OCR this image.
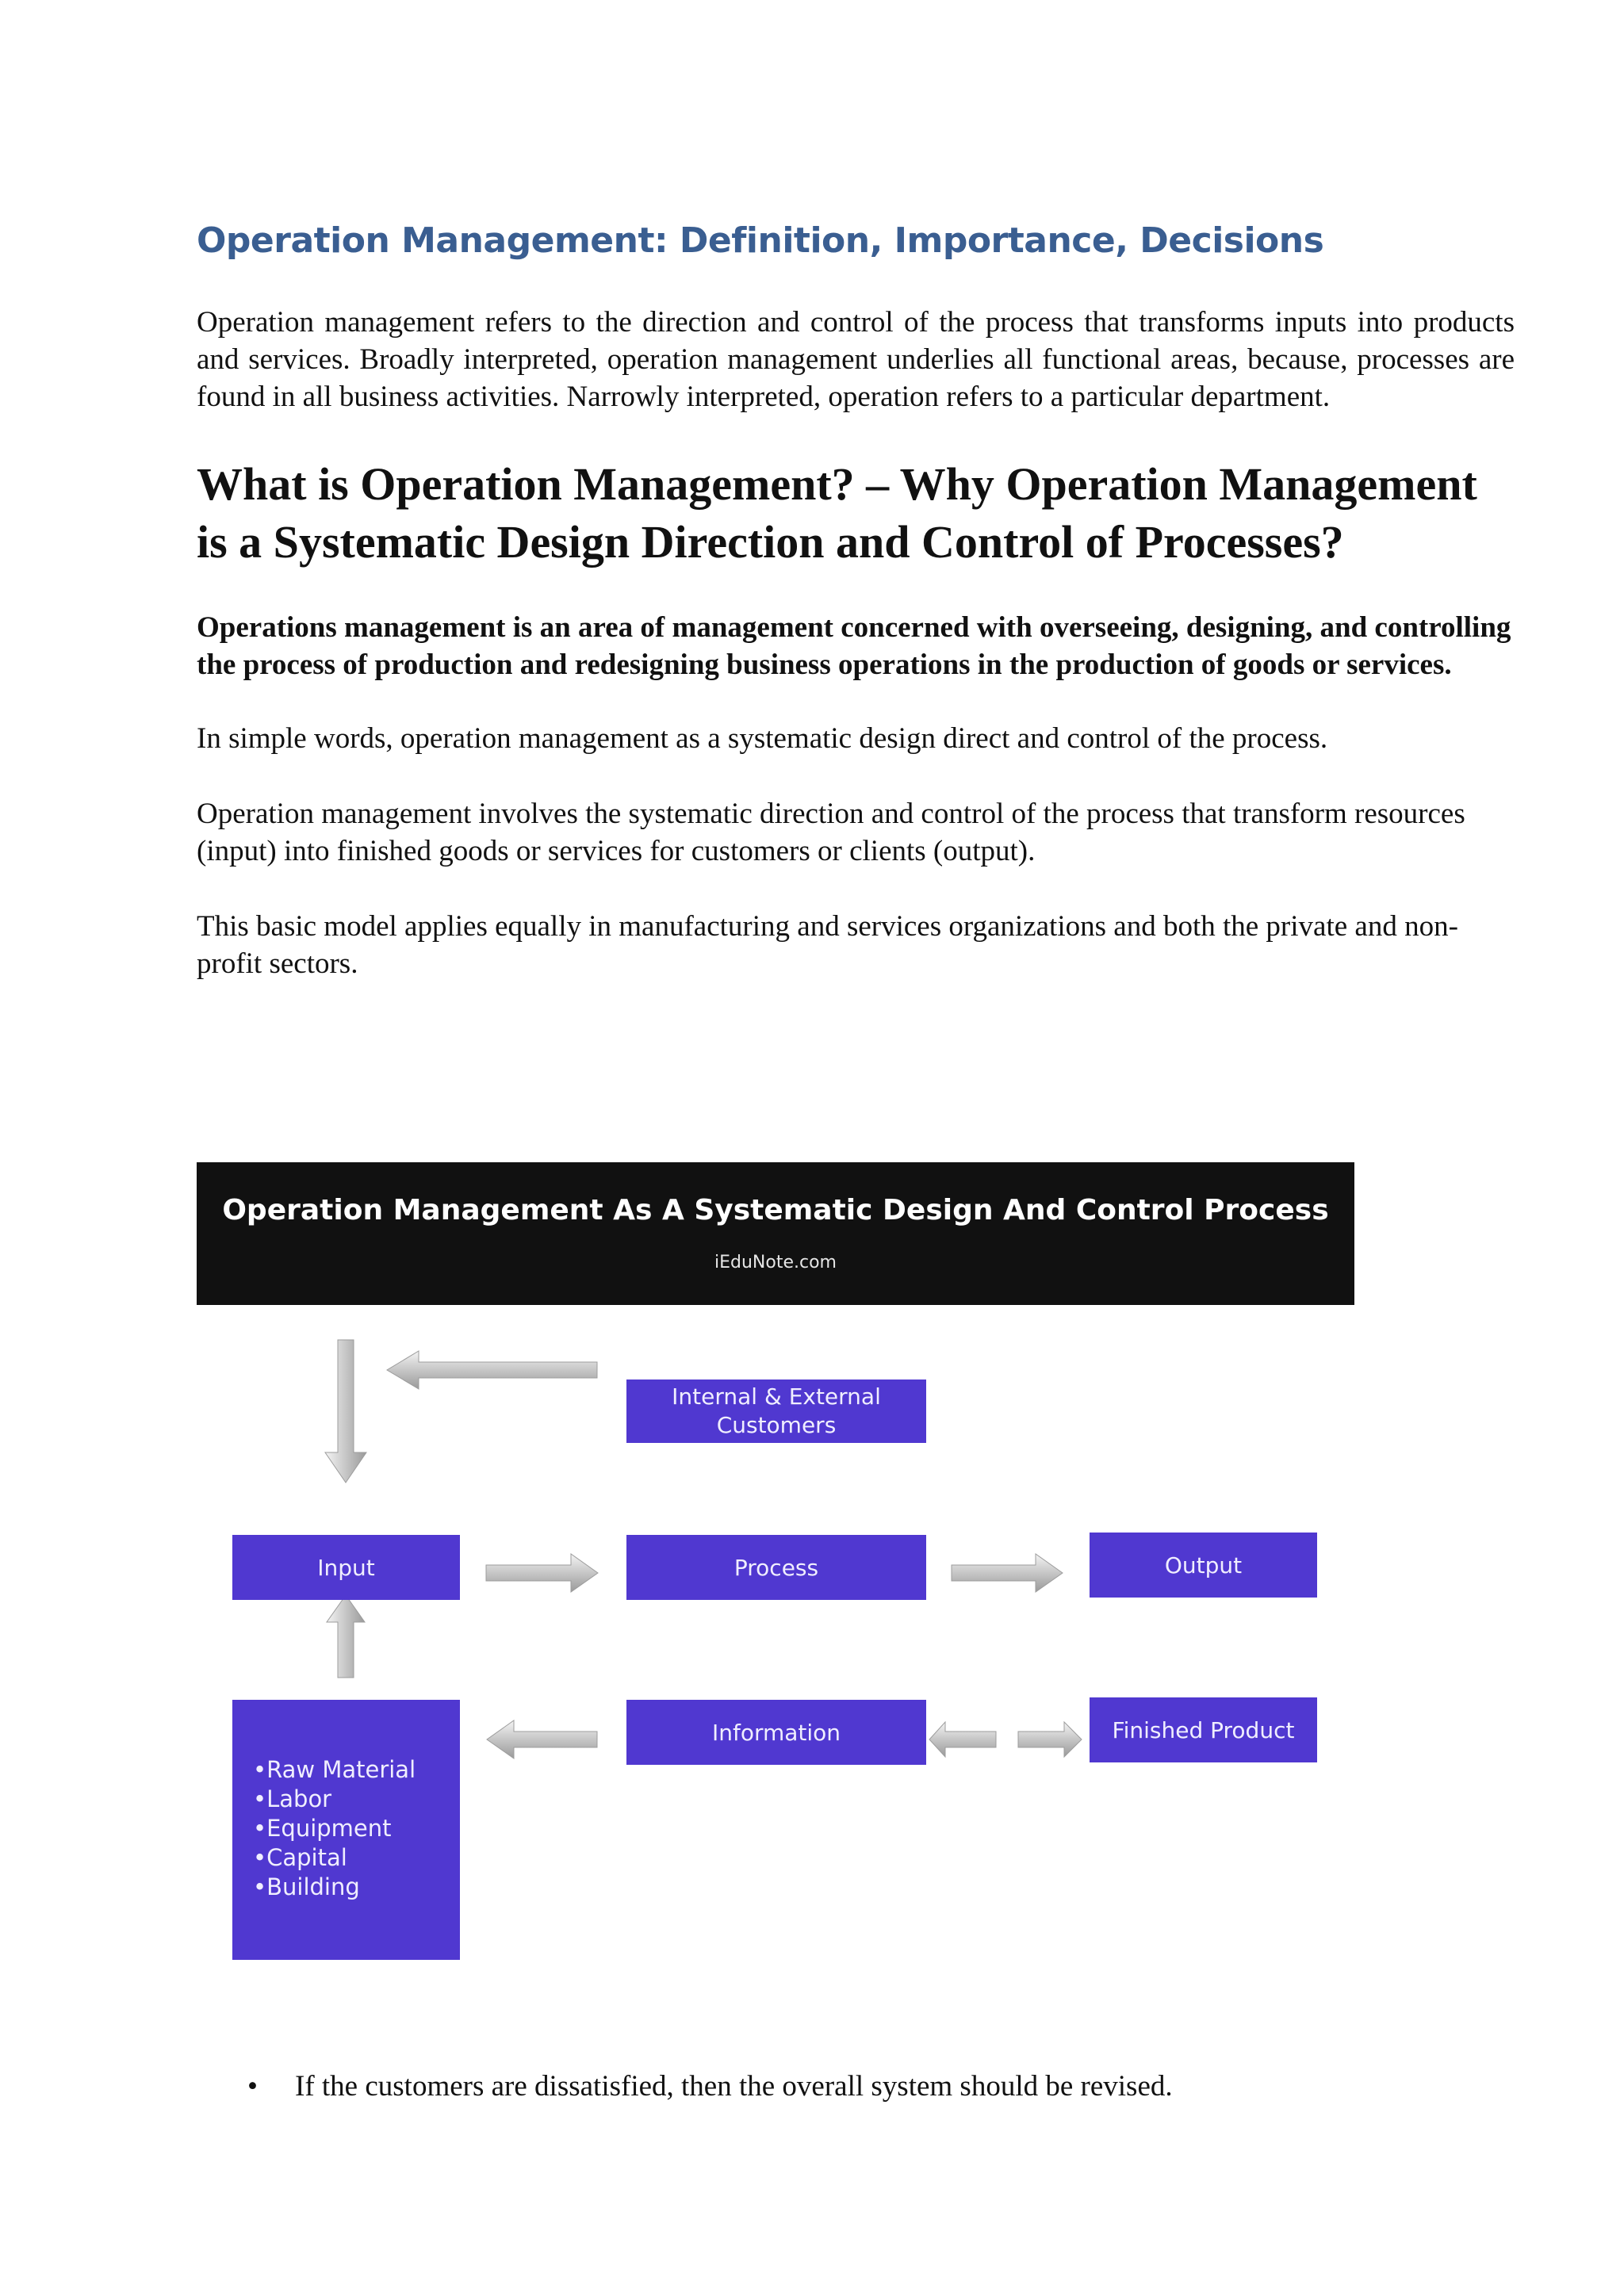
Operation Management: Definition, Importance, Decisions

Operation management refers to the direction and control of the process that transforms inputs into products and services. Broadly interpreted, operation management underlies all functional areas, because, processes are found in all business activities. Narrowly interpreted, operation refers to a particular department.

What is Operation Management? – Why Operation Management is a Systematic Design Direction and Control of Processes?

Operations management is an area of management concerned with overseeing, designing, and controlling the process of production and redesigning business operations in the production of goods or services.

In simple words, operation management as a systematic design direct and control of the process.

Operation management involves the systematic direction and control of the process that transform resources (input) into finished goods or services for customers or clients (output).

This basic model applies equally in manufacturing and services organizations and both the private and non-profit sectors.

Operation Management As A Systematic Design And Control Process
iEduNote.com
Internal & External Customers
Input	Process	Output
Information	Finished Product
•Raw Material
•Labor
•Equipment
•Capital
•Building
• If the customers are dissatisfied, then the overall system should be revised.
